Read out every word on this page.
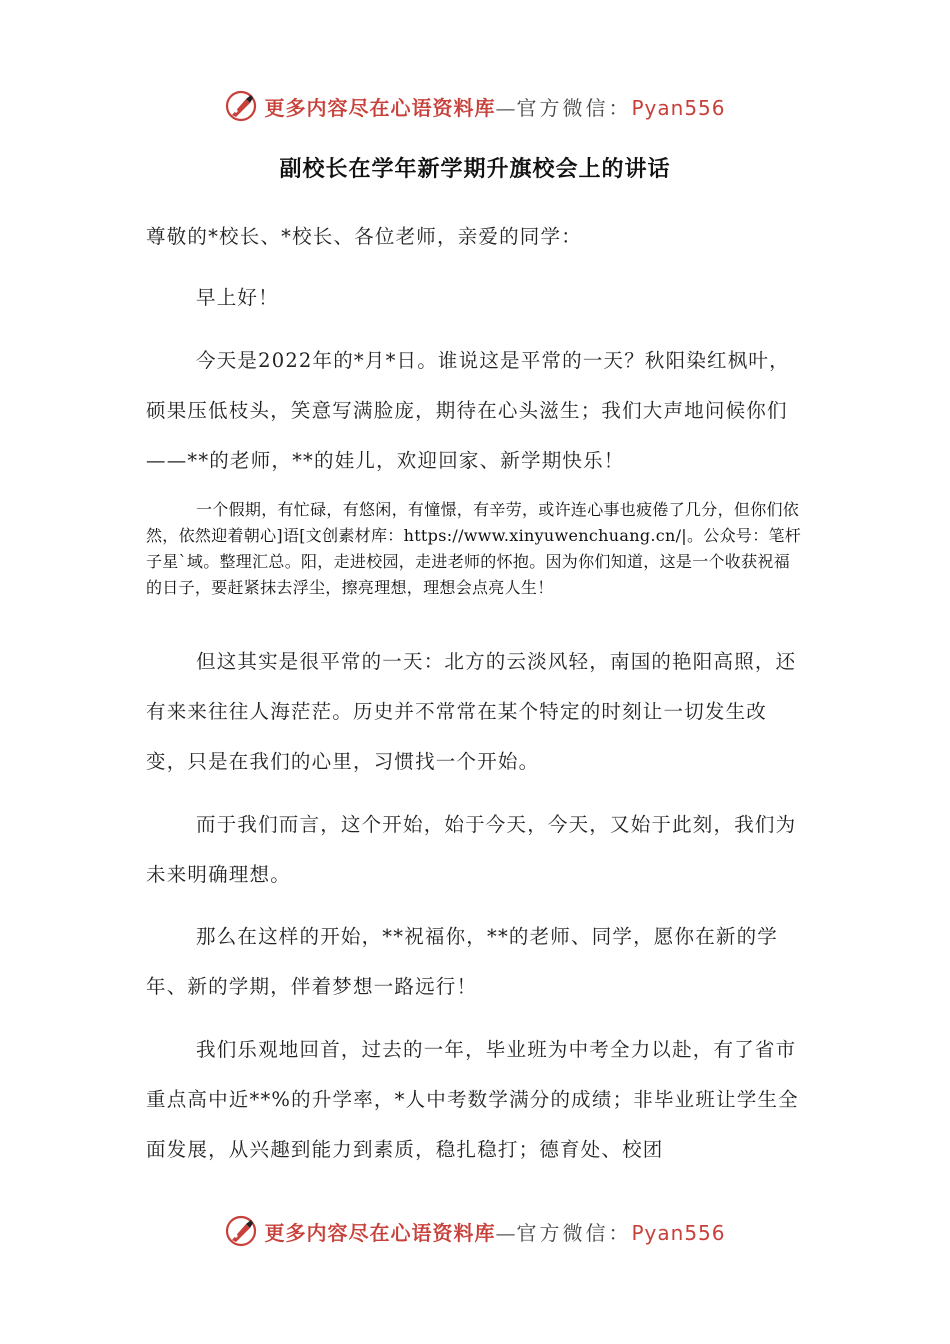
更多内容尽在心语资料库—官方微信：Pyan556
副校长在学年新学期升旗校会上的讲话

尊敬的*校长、*校长、各位老师，亲爱的同学：

早上好！

今天是2022年的*月*日。谁说这是平常的一天？秋阳染红枫叶，硕果压低枝头，笑意写满脸庞，期待在心头滋生；我们大声地问候你们——**的老师，**的娃儿，欢迎回家、新学期快乐！

一个假期，有忙碌，有悠闲，有憧憬，有辛劳，或许连心事也疲倦了几分，但你们依然，依然迎着朝心]语[文创素材库：https://www.xinyuwenchuang.cn/|。公众号：笔杆子星`域。整理汇总。阳，走进校园，走进老师的怀抱。因为你们知道，这是一个收获祝福的日子，要赶紧抹去浮尘，擦亮理想，理想会点亮人生！

但这其实是很平常的一天：北方的云淡风轻，南国的艳阳高照，还有来来往往人海茫茫。历史并不常常在某个特定的时刻让一切发生改变，只是在我们的心里，习惯找一个开始。

而于我们而言，这个开始，始于今天，今天，又始于此刻，我们为未来明确理想。

那么在这样的开始，**祝福你，**的老师、同学，愿你在新的学年、新的学期，伴着梦想一路远行！

我们乐观地回首，过去的一年，毕业班为中考全力以赴，有了省市重点高中近**%的升学率，*人中考数学满分的成绩；非毕业班让学生全面发展，从兴趣到能力到素质，稳扎稳打；德育处、校团

更多内容尽在心语资料库—官方微信：Pyan556
